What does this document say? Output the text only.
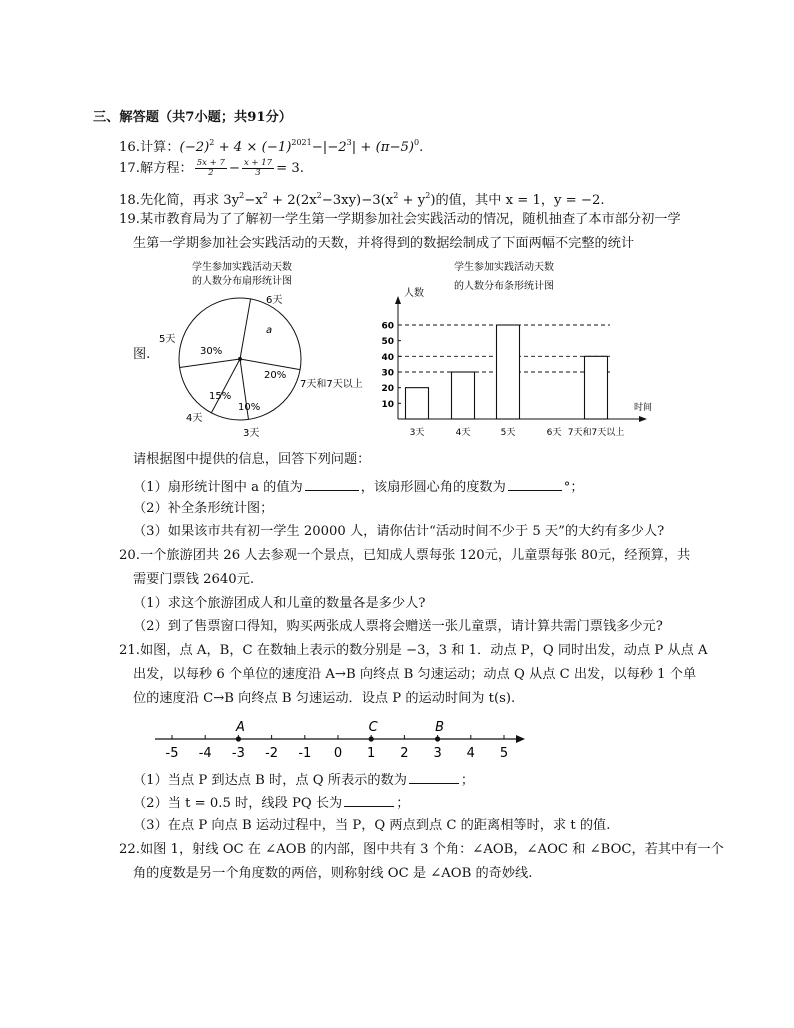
三、解答题（共7小题；共91分）
16.计算：$(-2)^2 + 4 \times (-1)^{2021}-|-2^3| + (\pi-5)^0$.
17.解方程： $\frac{5x + 7}{2} - \frac{x + 17}{3} = 3$.
18.先化简，再求 $3y^2-x^2 + 2(2x^2-3xy)-3(x^2 + y^2)$的值，其中 x = 1，y = −2.
19.某市教育局为了了解初一学生第一学期参加社会实践活动的情况，随机抽查了本市部分初一学
生第一学期参加社会实践活动的天数，并将得到的数据绘制成了下面两幅不完整的统计
图.
学生参加实践活动天数
的人数分布扇形统计图
a
20%
10%
15%
30%
6天
7天和7天以上
3天
4天
5天
学生参加实践活动天数
的人数分布条形统计图
人数
时间
10
20
30
40
50
60
3天	4天	5天	6天 7天和7天以上
请根据图中提供的信息，回答下列问题：
（1）扇形统计图中 a 的值为	，该扇形圆心角的度数为	°；
（2）补全条形统计图；
（3）如果该市共有初一学生 20000 人，请你估计“活动时间不少于 5 天”的大约有多少人?
20.一个旅游团共 26 人去参观一个景点，已知成人票每张 120元，儿童票每张 80元，经预算，共
需要门票钱 2640元.
（1）求这个旅游团成人和儿童的数量各是多少人?
（2）到了售票窗口得知，购买两张成人票将会赠送一张儿童票，请计算共需门票钱多少元?
21.如图，点 A，B，C 在数轴上表示的数分别是 −3，3 和 1．动点 P，Q 同时出发，动点 P 从点 A
出发，以每秒 6 个单位的速度沿 A→B 向终点 B 匀速运动；动点 Q 从点 C 出发，以每秒 1 个单
位的速度沿 C→B 向终点 B 匀速运动．设点 P 的运动时间为 t(s).
-5 -4 -3 -2 -1 0 1 2 3 4 5
A	C	B
（1）当点 P 到达点 B 时，点 Q 所表示的数为	；
（2）当 t = 0.5 时，线段 PQ 长为	；
（3）在点 P 向点 B 运动过程中，当 P，Q 两点到点 C 的距离相等时，求 t 的值.
22.如图 1，射线 OC 在 ∠AOB 的内部，图中共有 3 个角：∠AOB，∠AOC 和 ∠BOC，若其中有一个
角的度数是另一个角度数的两倍，则称射线 OC 是 ∠AOB 的奇妙线.
